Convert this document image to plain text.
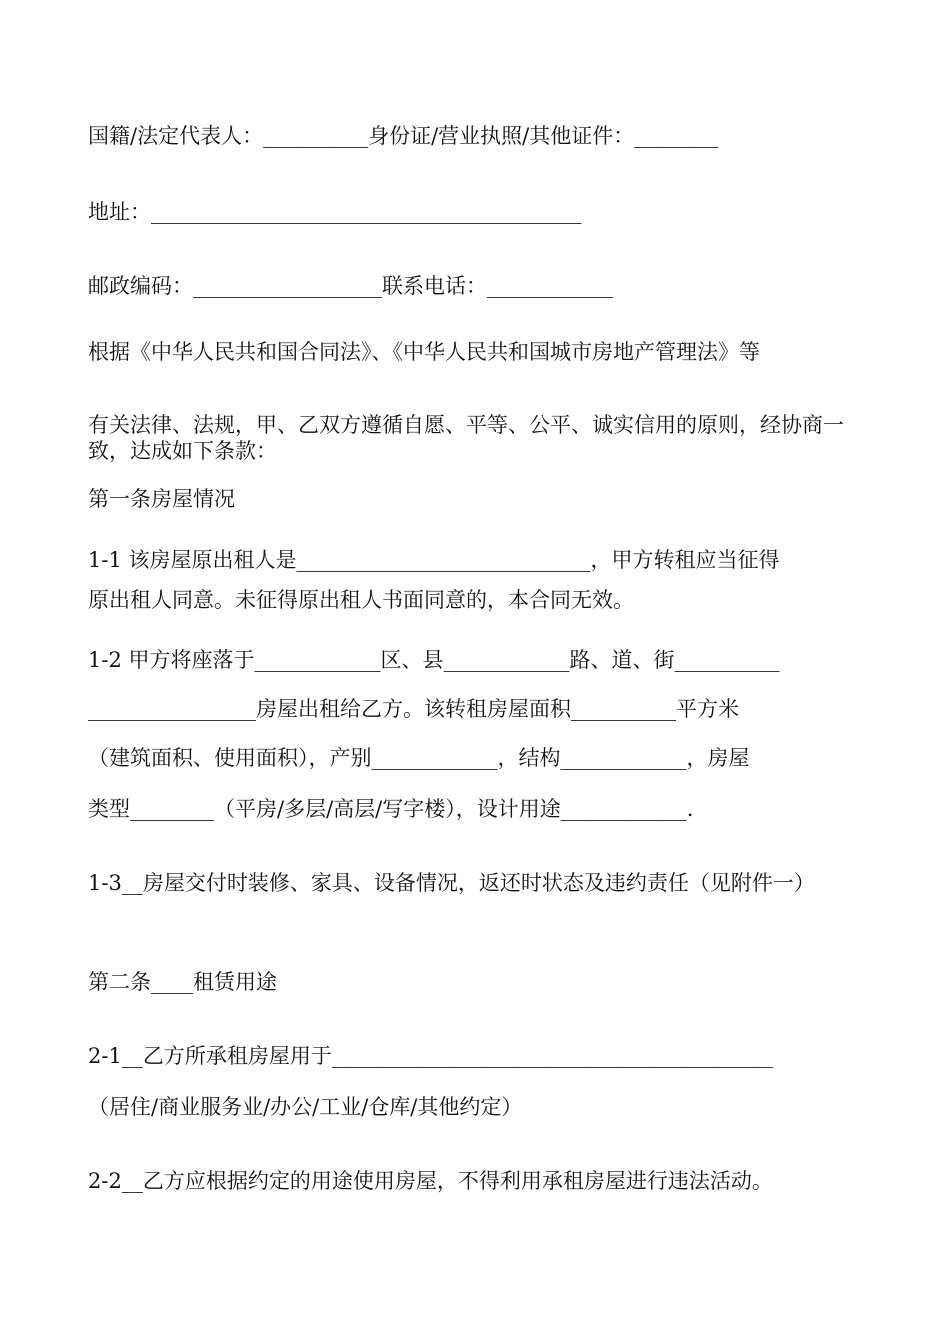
国籍/法定代表人：__________身份证/营业执照/其他证件：________
地址：_________________________________________
邮政编码：__________________联系电话：____________
根据《中华人民共和国合同法》、《中华人民共和国城市房地产管理法》等
有关法律、法规，甲、乙双方遵循自愿、平等、公平、诚实信用的原则，经协商一致，达成如下条款：
第一条房屋情况
1-1 该房屋原出租人是____________________________，甲方转租应当征得
原出租人同意。未征得原出租人书面同意的，本合同无效。
1-2 甲方将座落于____________区、县____________路、道、街__________
________________房屋出租给乙方。该转租房屋面积__________平方米
（建筑面积、使用面积），产别____________，结构____________，房屋
类型________（平房/多层/高层/写字楼），设计用途____________.
1-3__房屋交付时装修、家具、设备情况，返还时状态及违约责任（见附件一）
第二条____租赁用途
2-1__乙方所承租房屋用于__________________________________________
（居住/商业服务业/办公/工业/仓库/其他约定）
2-2__乙方应根据约定的用途使用房屋，不得利用承租房屋进行违法活动。
